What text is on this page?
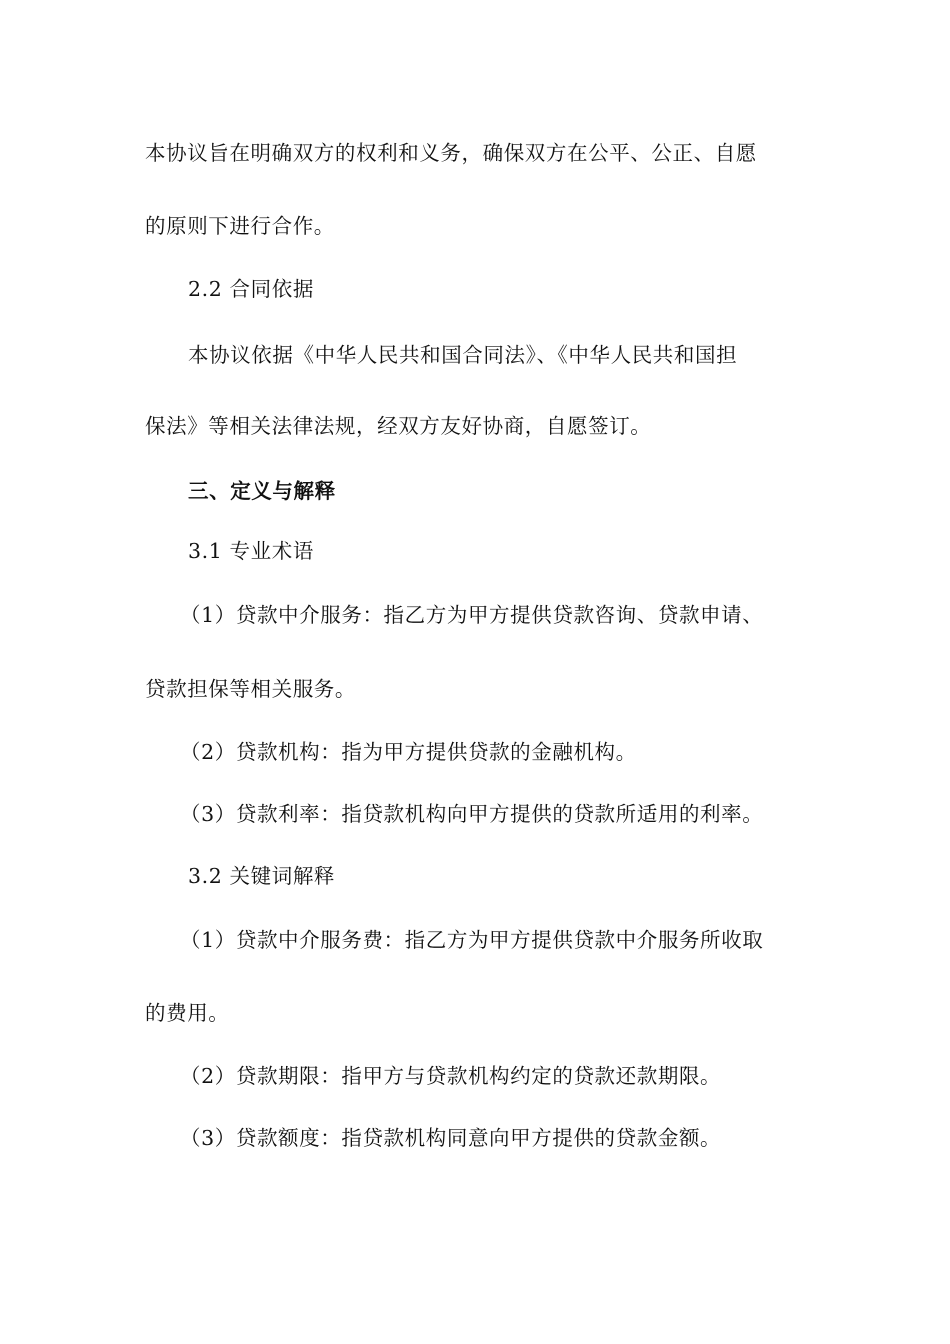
本协议旨在明确双方的权利和义务，确保双方在公平、公正、自愿
的原则下进行合作。
2.2 合同依据
本协议依据《中华人民共和国合同法》、《中华人民共和国担
保法》等相关法律法规，经双方友好协商，自愿签订。
三、定义与解释
3.1 专业术语
（1）贷款中介服务：指乙方为甲方提供贷款咨询、贷款申请、
贷款担保等相关服务。
（2）贷款机构：指为甲方提供贷款的金融机构。
（3）贷款利率：指贷款机构向甲方提供的贷款所适用的利率。
3.2 关键词解释
（1）贷款中介服务费：指乙方为甲方提供贷款中介服务所收取
的费用。
（2）贷款期限：指甲方与贷款机构约定的贷款还款期限。
（3）贷款额度：指贷款机构同意向甲方提供的贷款金额。
